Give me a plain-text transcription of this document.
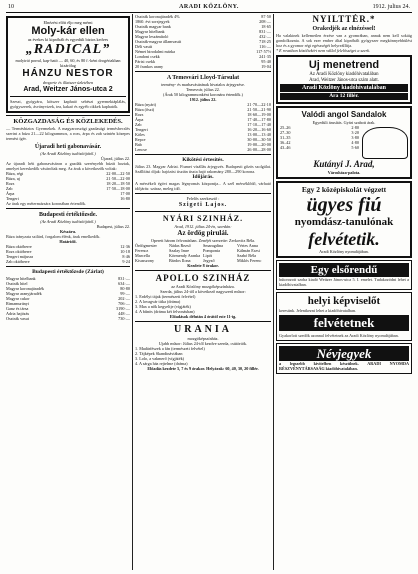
10	ARADI KÖZLÖNY.	1912. julius 24.
Elnézést előtt éljo meg mérni
Moly-kár ellen
az évekes ki kipróbált és egyedüli biztos kedves
„RADICAL”
molyirtó porral, kap-ható — 40, 60, és 80 f.-ként drogériakban
kizárólag
HÁNZU NESTOR
drogerie és illatszer üzletében
Arad, Weitzer János-utca 2
Szeszt, gyógyáru, kötszer kapható sebészi gyermektáplálás, gyógyszerek, ásványvizek, tea, kakaó és egyéb cikkek kaphatók.
KÖZGAZDASÁG ÉS KÖZLEKEDÉS.
— Termésbiztos Gyermekek. A magyarországi gazdasági termésbecslés szerint a búza 21—22 kilogrammos, a rozs, árpa és zab szintén közepes termést ígér.
Újaradi heti gabonavásár.
(Az Aradi Közlöny tudósítójától.)
Újarad, július 22.
Az újaradi héti gabonavásáron a gazdák szerényebb búzát hoztak, amelyet kereskedők vásároltak meg. Az árak a következők voltak:
Búza, régi	22·00—22·50
Búza, uj	21·50—22·00
Rozs	18·20—18·50
Zab	17·50—18·00
Árpa	17·00
Tengeri	16·80
Az árak egy métermázsára koronában értendők.
Budapesti értéktőzsde.
(Az Aradi Közlöny tudósítójától.)
Budapest, július 22.
Készáru.
Búza irányzata szilárd, forgalom élénk, árak emelkedők.
Határidő.
Búza októberre	12·36
Rozs októberre	10·18
Tengeri májusra	8·46
Zab októberre	9·24
Budapesti értéktőzsde (Zárlat)
Magyar hitelbank	831·—
Osztrák hitel	634·—
Magyar koronajáradék	80·80
Magyar aranyjáradék	99·—
Magyar cukor	202·—
Rimamurányi	706·—
Ganz és társa	3190·—
Adria hajózás	448·—
Osztrák vasut	730·—
Osztrák koronajáradék 4%	87·50
1860. évi sorsjegyek	208·—
Osztrák magyar bank	18·65
Magyar hitelbank	831·—
Magyar leszámítoló	432·—
Osztrák-magyar államvasút	718·25
Déli vasút	116·—
Német birodalmi márka	117·57½
Londoni csekk	241·35
Párisi csekk	95·40
20 frankos arany	19·04
A Temesvári Lloyd-Társulat
termény- és marhavásárának hivatalos árjegyzése.
Temesvár, július 22.
(Árak 50 kilogrammonként koronára értendők.)
1912. július 22.
Búza (nyári)	21·70—22·10
Búza (őszi)	21·50—21·90
Rozs	18·60—19·00
Árpa	17·40—17·80
Zab	17·10—17·40
Tengeri	16·20—16·60
Köles	13·00—13·40
Repce	30·00—30·50
Bab	19·00—20·00
Lencse	26·00—28·00
Kikötési értesítés.
Július 23. Magyar Adriai. Fiumei vízállás árjegyzés. Budapesti gőzös szolgálat. Szállítási díjak: hajózási tisztán tiszta hajó rakomány 280—290 korona.
Időjárás.
A mérsékelt égövi magas légnyomás központja... A szél mérséklődő, várható időjárás: száraz, meleg idő.
Felelős szerkesztő :
Szigeti Lajos.
NYÁRI SZINHÁZ.
Arad, 1912. július 24-én, szerdán:
Az ördög pirulái.
Operett három felvonásban. Zenéjét szerzette: Zerkovitz Béla.
Ördögmester	Nádas Rezső	Smaragdina	Vértes Anna
Ferencz	Szalay Imre	Pomponia	Kálmán Erzsi
Marcella	Körmendy Aranka Lipót	Szabó Béla
Kisasszony	Bárdos Ilona	Jegyző	Miklós Ferenc
Kezdete 8 órakor.
APOLLO SZINHÁZ
az Aradi Közlöny mozgóképszínháza.
Szerda, július 24-től a következő nagyszerű műsor:
1. Erdélyi tájak (természeti felvétel)
2. A lovagvár titka (dráma)
3. Max a nők kegyeltje (vígjáték)
4. A bűnös (dráma két felvonásban)
Előadások délután 4 órától este 11-ig.
URANIA
mozgóképszínház.
Ujabb műsor: Július 24-től kezdve szerda, csütörtök.
1. Madárfészek a fán (természeti felvétel)
2. Tájképek Skandináviában
3. Lolo, a vakmerő (vígjáték)
4. A sárga ház rejtelme (dráma)
Előadás kezdete 5, 7 és 9 órakor. Helyárak: 60, 40, 30, 20 fillér.
NYILTTÉR.*
Orakedjék az elnézéssel!
Ha valakinek kellemetlen érzése van a gyomrában, annak nem kell sokáig gondolkoznia. A sok ezer ember által kipróbált gyógyszer megkönnyebbülést hoz és a gyomor régi egészségét helyreállítja.
* E rovatban közöltekért nem vállal felelősséget a szerk.
Uj menetrend
Az Aradi Közlöny kiadóhivatalában
Arad, Weitzer János-utca szám alatt.
Aradi Közlöny kiadóhivatalában
Ára 12 fillér.
Valódi angol Sandalok
Egyedüli árusítás. Gyári szabott árak.
25–26	2·80
27–30	3·20
31–35	3·80
36–42	4·80
43–46	5·60
Kutányi J. Arad,
Városháza-palota.
Egy 2 középiskolát végzett
ügyes fiú
nyomdász-tanulónak
felvétetik.
Aradi Közlöny nyomdájában.
Egy elsőrendű
bútorozott szoba kiadó Weitzer János-utca 5. I. emelet. Tudakozódni lehet a kiadóhivatalban.
helyi képviselőt
keresünk. Jelentkezni lehet a kiadóhivatalban.
felvétetnek
Gyakorlott szedők azonnal felvétetnek az Aradi Közlöny nyomdájában.
Névjegyek
a legszebb kivitelben készülnek. ARADI NYOMDA RÉSZVÉNYTÁRSASÁG kiadóhivatalában.
